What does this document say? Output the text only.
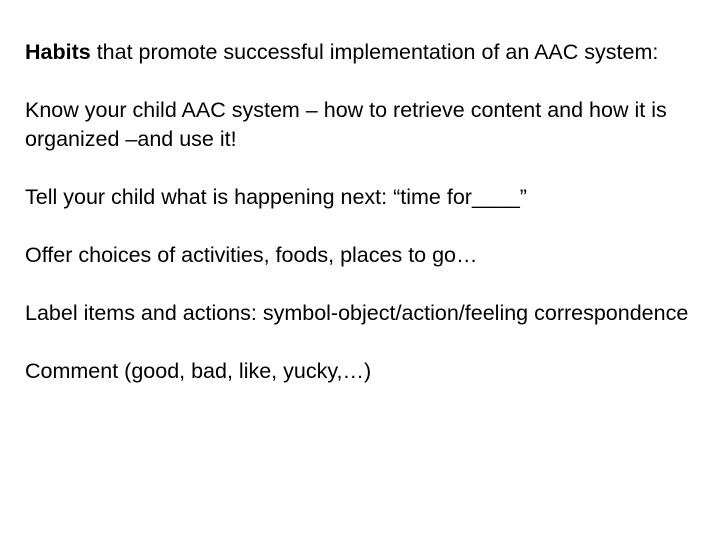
Habits that promote successful implementation of an AAC system:

Know your child AAC system – how to retrieve content and how it is organized –and use it!

Tell your child what is happening next: “time for____”

Offer choices of activities, foods, places to go…

Label items and actions: symbol-object/action/feeling correspondence

Comment (good, bad, like, yucky,…)
